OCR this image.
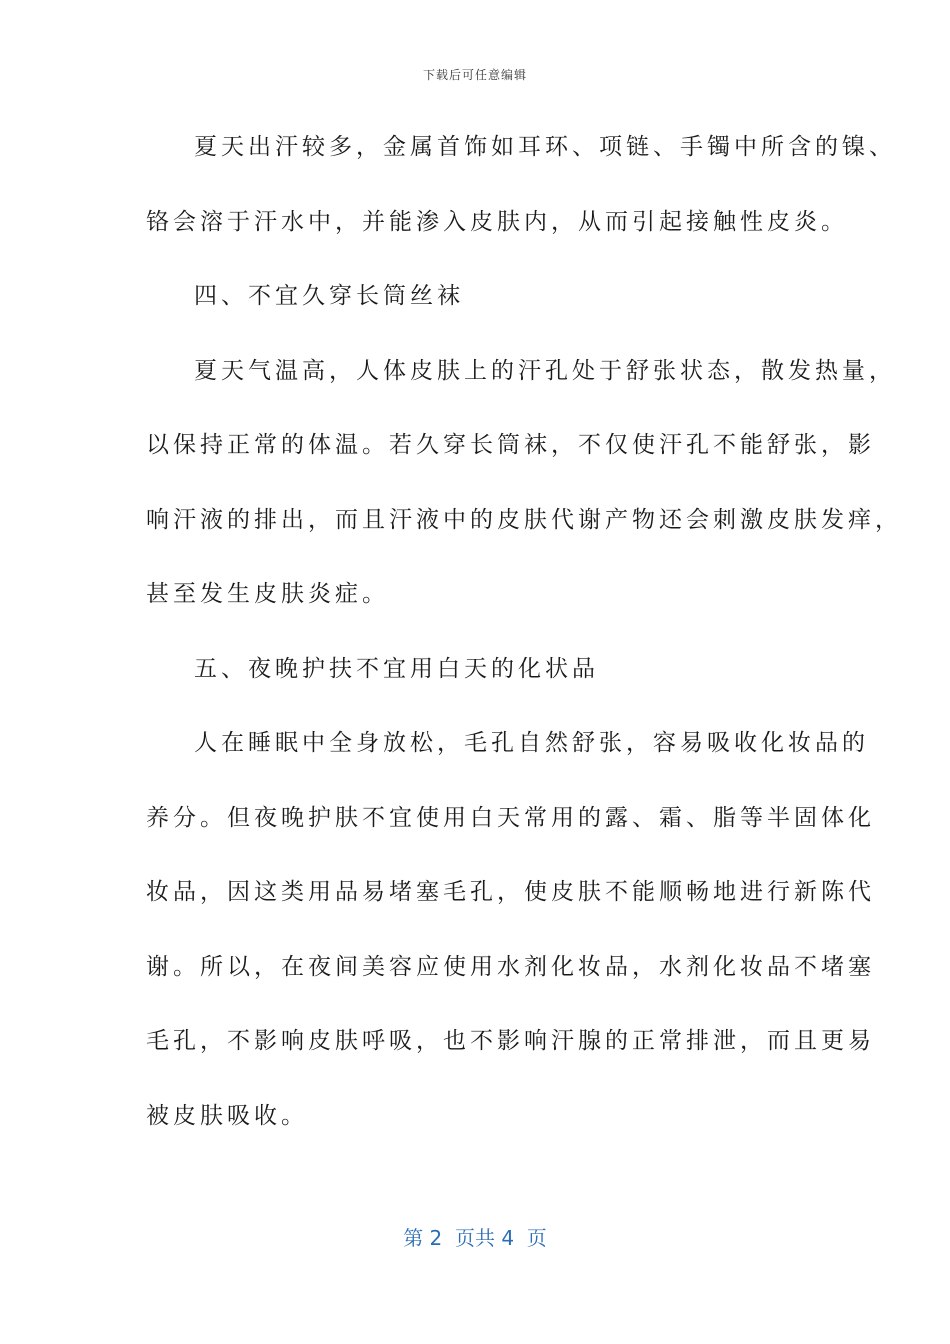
下载后可任意编辑
夏天出汗较多，金属首饰如耳环、项链、手镯中所含的镍、
铬会溶于汗水中，并能渗入皮肤内，从而引起接触性皮炎。
四、不宜久穿长筒丝袜
夏天气温高，人体皮肤上的汗孔处于舒张状态，散发热量，
以保持正常的体温。若久穿长筒袜，不仅使汗孔不能舒张，影
响汗液的排出，而且汗液中的皮肤代谢产物还会刺激皮肤发痒，
甚至发生皮肤炎症。
五、夜晚护扶不宜用白天的化状品
人在睡眠中全身放松，毛孔自然舒张，容易吸收化妆品的
养分。但夜晚护肤不宜使用白天常用的露、霜、脂等半固体化
妆品，因这类用品易堵塞毛孔，使皮肤不能顺畅地进行新陈代
谢。所以，在夜间美容应使用水剂化妆品，水剂化妆品不堵塞
毛孔，不影响皮肤呼吸，也不影响汗腺的正常排泄，而且更易
被皮肤吸收。
第 2  页共 4  页
